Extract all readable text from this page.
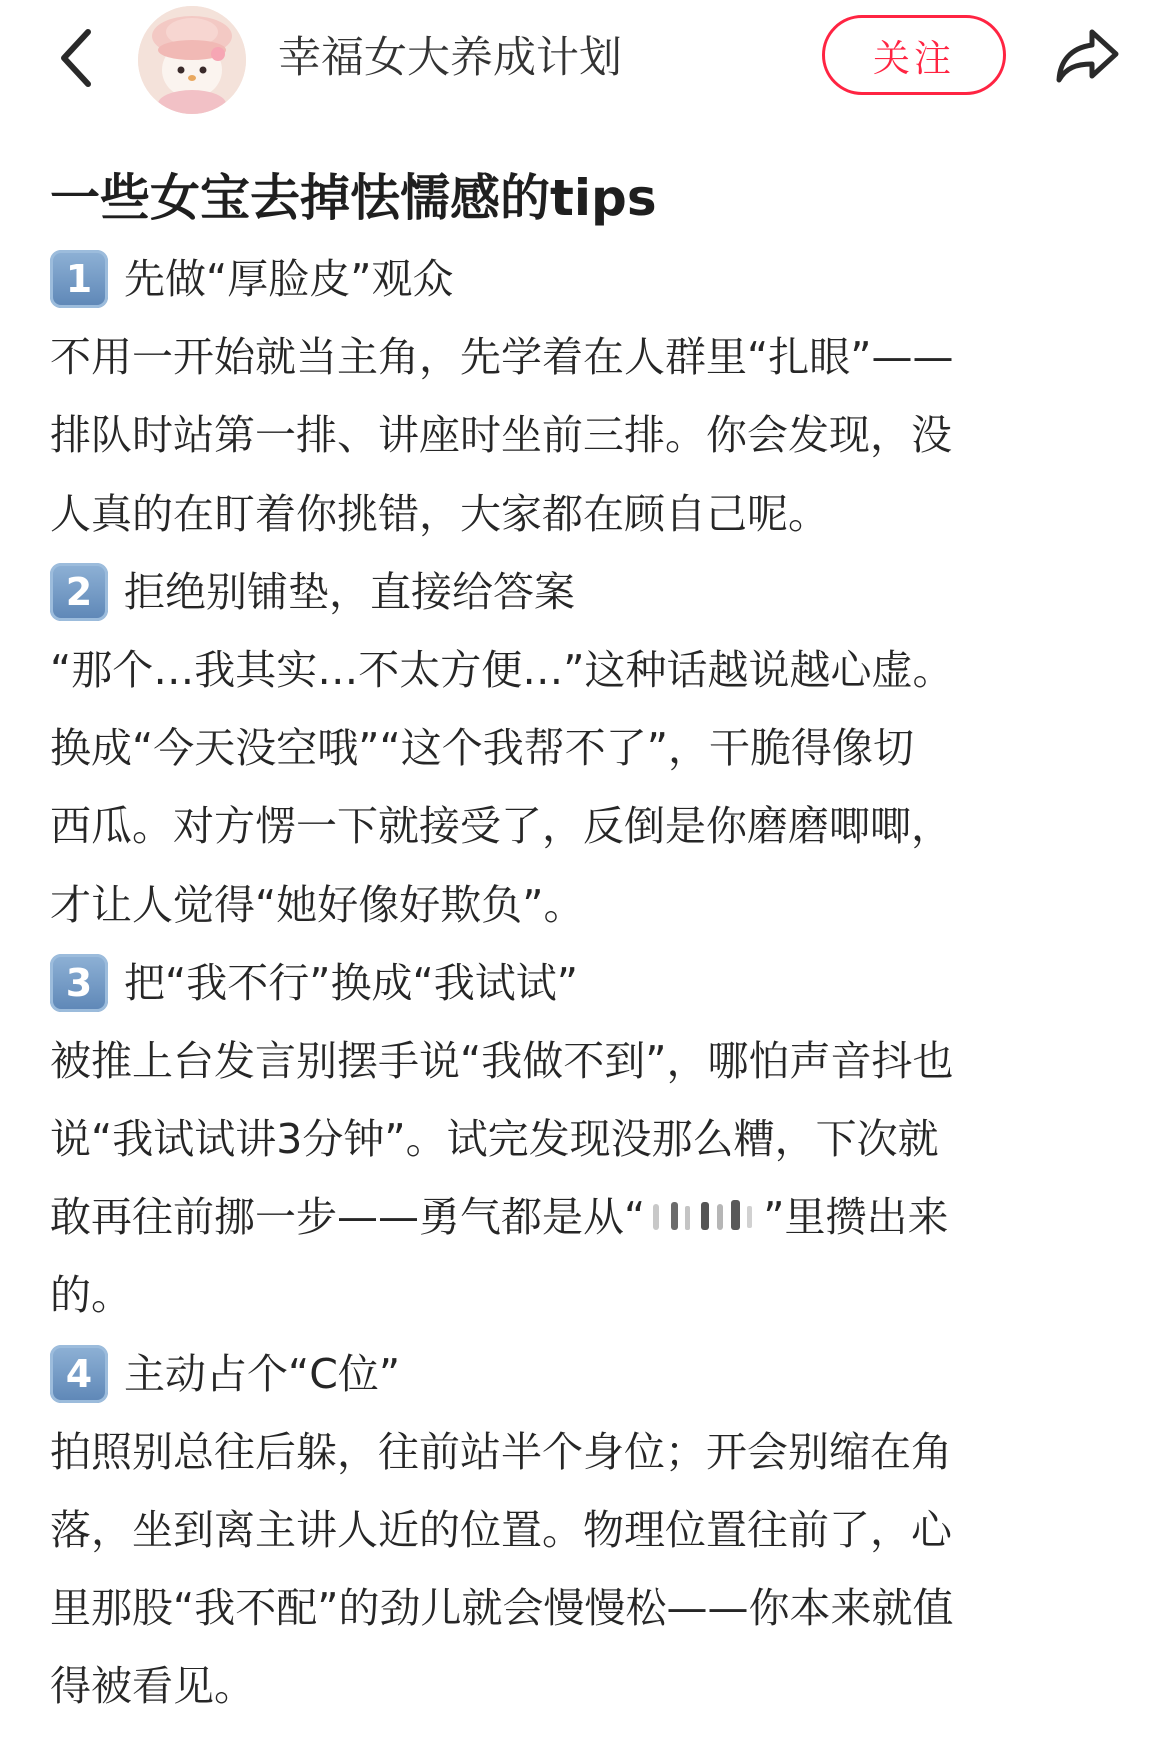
幸福女大养成计划	关注
一些女宝去掉怯懦感的tips
1 先做“厚脸皮”观众
不用一开始就当主角，先学着在人群里“扎眼”——
排队时站第一排、讲座时坐前三排。你会发现，没
人真的在盯着你挑错，大家都在顾自己呢。
2 拒绝别铺垫，直接给答案
“那个…我其实…不太方便…”这种话越说越心虚。
换成“今天没空哦”“这个我帮不了”，干脆得像切
西瓜。对方愣一下就接受了，反倒是你磨磨唧唧，
才让人觉得“她好像好欺负”。
3 把“我不行”换成“我试试”
被推上台发言别摆手说“我做不到”，哪怕声音抖也
说“我试试讲3分钟”。试完发现没那么糟，下次就
敢再往前挪一步——勇气都是从“	”里攒出来
的。
4 主动占个“C位”
拍照别总往后躲，往前站半个身位；开会别缩在角
落，坐到离主讲人近的位置。物理位置往前了，心
里那股“我不配”的劲儿就会慢慢松——你本来就值
得被看见。
